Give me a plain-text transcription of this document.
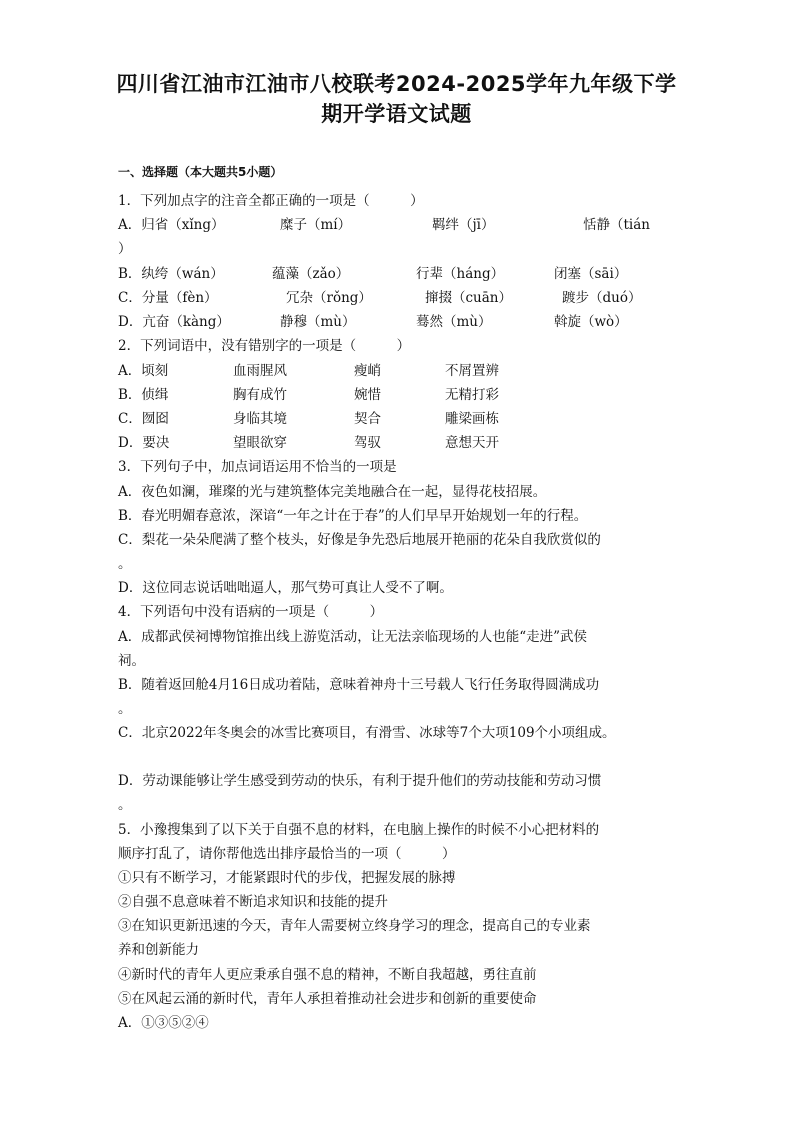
四川省江油市江油市八校联考2024-2025学年九年级下学
期开学语文试题
一、选择题（本大题共5小题）
1．下列加点字的注音全都正确的一项是（　　　）
A．归省（xǐng）	糜子（mí）	羁绊（jī）	恬静（tián
）
B．纨绔（wán）	蕴藻（zǎo）	行辈（háng）	闭塞（sāi）
C．分量（fèn）	冗杂（rǒng）	撺掇（cuān）	踱步（duó）
D．亢奋（kàng）	静穆（mù）	蓦然（mù）	斡旋（wò）
2．下列词语中，没有错别字的一项是（　　　）
A．顷刻	血雨腥风	瘦峭	不屑置辨
B．侦缉	胸有成竹	婉惜	无精打彩
C．囫囵	身临其境	契合	雕梁画栋
D．要决	望眼欲穿	驾驭	意想天开
3．下列句子中，加点词语运用不恰当的一项是
A．夜色如澜，璀璨的光与建筑整体完美地融合在一起，显得花枝招展。
B．春光明媚春意浓，深谙“一年之计在于春”的人们早早开始规划一年的行程。
C．梨花一朵朵爬满了整个枝头，好像是争先恐后地展开艳丽的花朵自我欣赏似的
。
D．这位同志说话咄咄逼人，那气势可真让人受不了啊。
4．下列语句中没有语病的一项是（　　　）
A．成都武侯祠博物馆推出线上游览活动，让无法亲临现场的人也能“走进”武侯
祠。
B．随着返回舱4月16日成功着陆，意味着神舟十三号载人飞行任务取得圆满成功
。
C．北京2022年冬奥会的冰雪比赛项目，有滑雪、冰球等7个大项109个小项组成。
D．劳动课能够让学生感受到劳动的快乐，有利于提升他们的劳动技能和劳动习惯
。
5．小豫搜集到了以下关于自强不息的材料，在电脑上操作的时候不小心把材料的
顺序打乱了，请你帮他选出排序最恰当的一项（　　　）
①只有不断学习，才能紧跟时代的步伐，把握发展的脉搏
②自强不息意味着不断追求知识和技能的提升
③在知识更新迅速的今天，青年人需要树立终身学习的理念，提高自己的专业素
养和创新能力
④新时代的青年人更应秉承自强不息的精神，不断自我超越，勇往直前
⑤在风起云涌的新时代，青年人承担着推动社会进步和创新的重要使命
A．①③⑤②④
